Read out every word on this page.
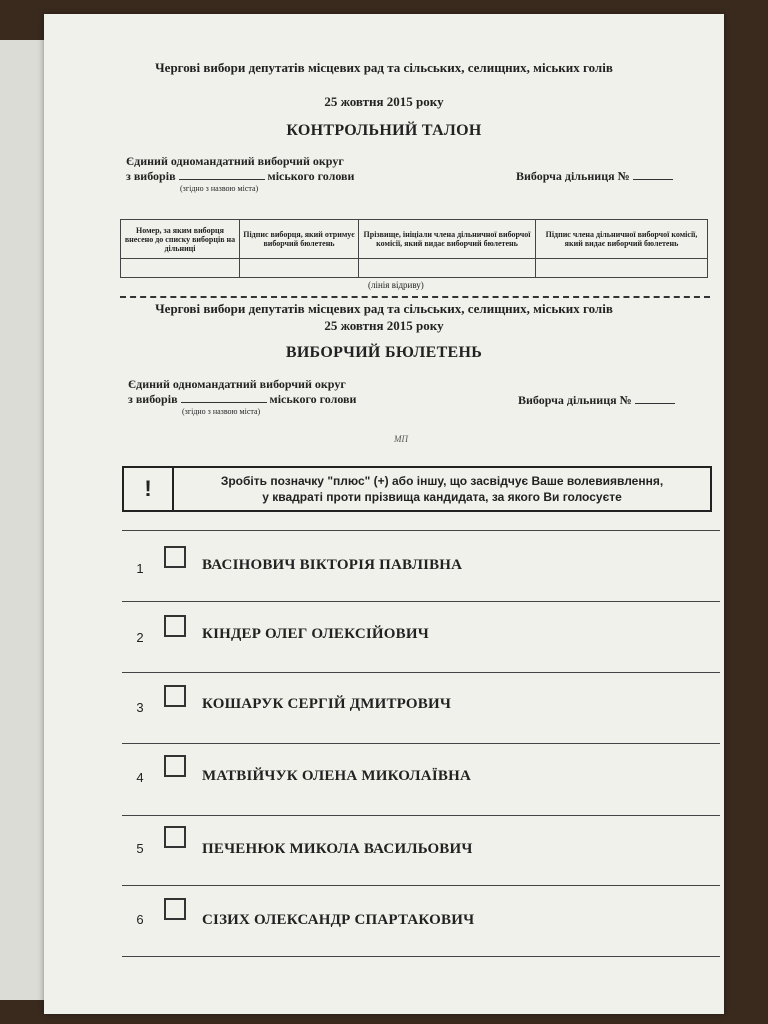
Чергові вибори депутатів місцевих рад та сільських, селищних, міських голів
25 жовтня 2015 року
КОНТРОЛЬНИЙ ТАЛОН
Єдиний одномандатний виборчий округ
з виборів	міського голови
(згідно з назвою міста)
Виборча дільниця №
Номер, за яким виборця внесено до списку виборців на дільниці	Підпис виборця, який отримує виборчий бюлетень	Прізвище, ініціали члена дільничної виборчої комісії, який видає виборчий бюлетень	Підпис члена дільничної виборчої комісії, який видає виборчий бюлетень

(лінія відриву)
Чергові вибори депутатів місцевих рад та сільських, селищних, міських голів
25 жовтня 2015 року
ВИБОРЧИЙ БЮЛЕТЕНЬ
Єдиний одномандатний виборчий округ
з виборів	міського голови
(згідно з назвою міста)
Виборча дільниця №
МП
!	Зробіть позначку "плюс" (+) або іншу, що засвідчує Ваше волевиявлення,
у квадраті проти прізвища кандидата, за якого Ви голосуєте
1	ВАСІНОВИЧ ВІКТОРІЯ ПАВЛІВНА
2	КІНДЕР ОЛЕГ ОЛЕКСІЙОВИЧ
3	КОШАРУК СЕРГІЙ ДМИТРОВИЧ
4	МАТВІЙЧУК ОЛЕНА МИКОЛАЇВНА
5	ПЕЧЕНЮК МИКОЛА ВАСИЛЬОВИЧ
6	СІЗИХ ОЛЕКСАНДР СПАРТАКОВИЧ
